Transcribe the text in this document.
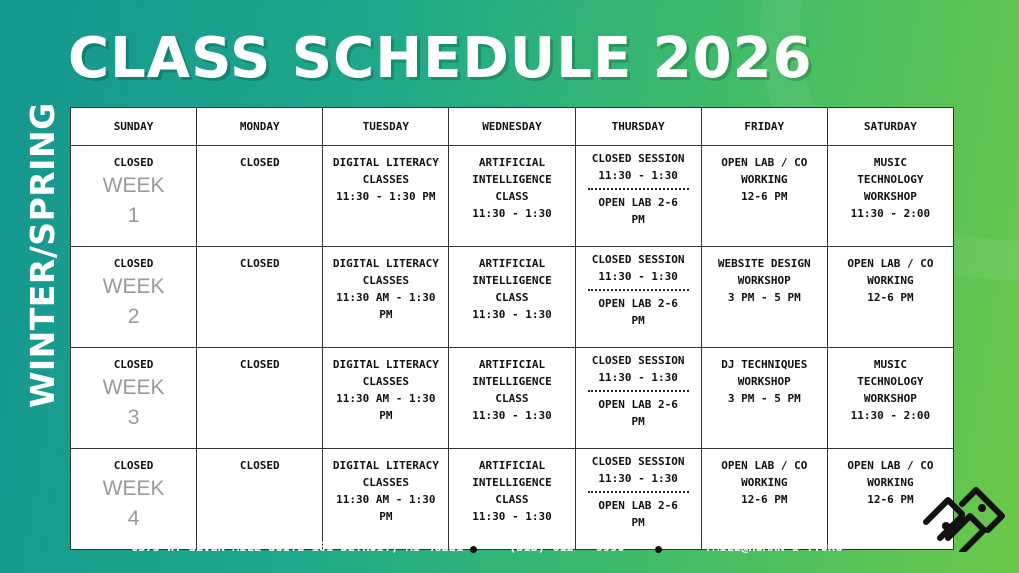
CLASS SCHEDULE 2026
WINTER/SPRING	SUNDAY	MONDAY	TUESDAY	WEDNESDAY	THURSDAY	FRIDAY	SATURDAY

CLOSED
WEEK
1	CLOSED	DIGITAL LITERACY
CLASSES
11:30 - 1:30 PM	ARTIFICIAL
INTELLIGENCE
CLASS
11:30 - 1:30	CLOSED SESSION
11:30 - 1:30
OPEN LAB 2-6
PM	OPEN LAB / CO
WORKING
12-6 PM	MUSIC
TECHNOLOGY
WORKSHOP
11:30 - 2:00

CLOSED
WEEK
2	CLOSED	DIGITAL LITERACY
CLASSES
11:30 AM - 1:30
PM	ARTIFICIAL
INTELLIGENCE
CLASS
11:30 - 1:30	CLOSED SESSION
11:30 - 1:30
OPEN LAB 2-6
PM	WEBSITE DESIGN
WORKSHOP
3 PM - 5 PM	OPEN LAB / CO
WORKING
12-6 PM

CLOSED
WEEK
3	CLOSED	DIGITAL LITERACY
CLASSES
11:30 AM - 1:30
PM	ARTIFICIAL
INTELLIGENCE
CLASS
11:30 - 1:30	CLOSED SESSION
11:30 - 1:30
OPEN LAB 2-6
PM	DJ TECHNIQUES
WORKSHOP
3 PM - 5 PM	MUSIC
TECHNOLOGY
WORKSHOP
11:30 - 2:00

CLOSED
WEEK
4	CLOSED	DIGITAL LITERACY
CLASSES
11:30 AM - 1:30
PM	ARTIFICIAL
INTELLIGENCE
CLASS
11:30 - 1:30	CLOSED SESSION
11:30 - 1:30
OPEN LAB 2-6
PM	OPEN LAB / CO
WORKING
12-6 PM	OPEN LAB / CO
WORKING
12-6 PM
6375 W. SEVEN MILE SUITE 101 DETROIT, MI 48221	(313) 612 - 9990	7MILE@HUMAN-I-T.ORG
